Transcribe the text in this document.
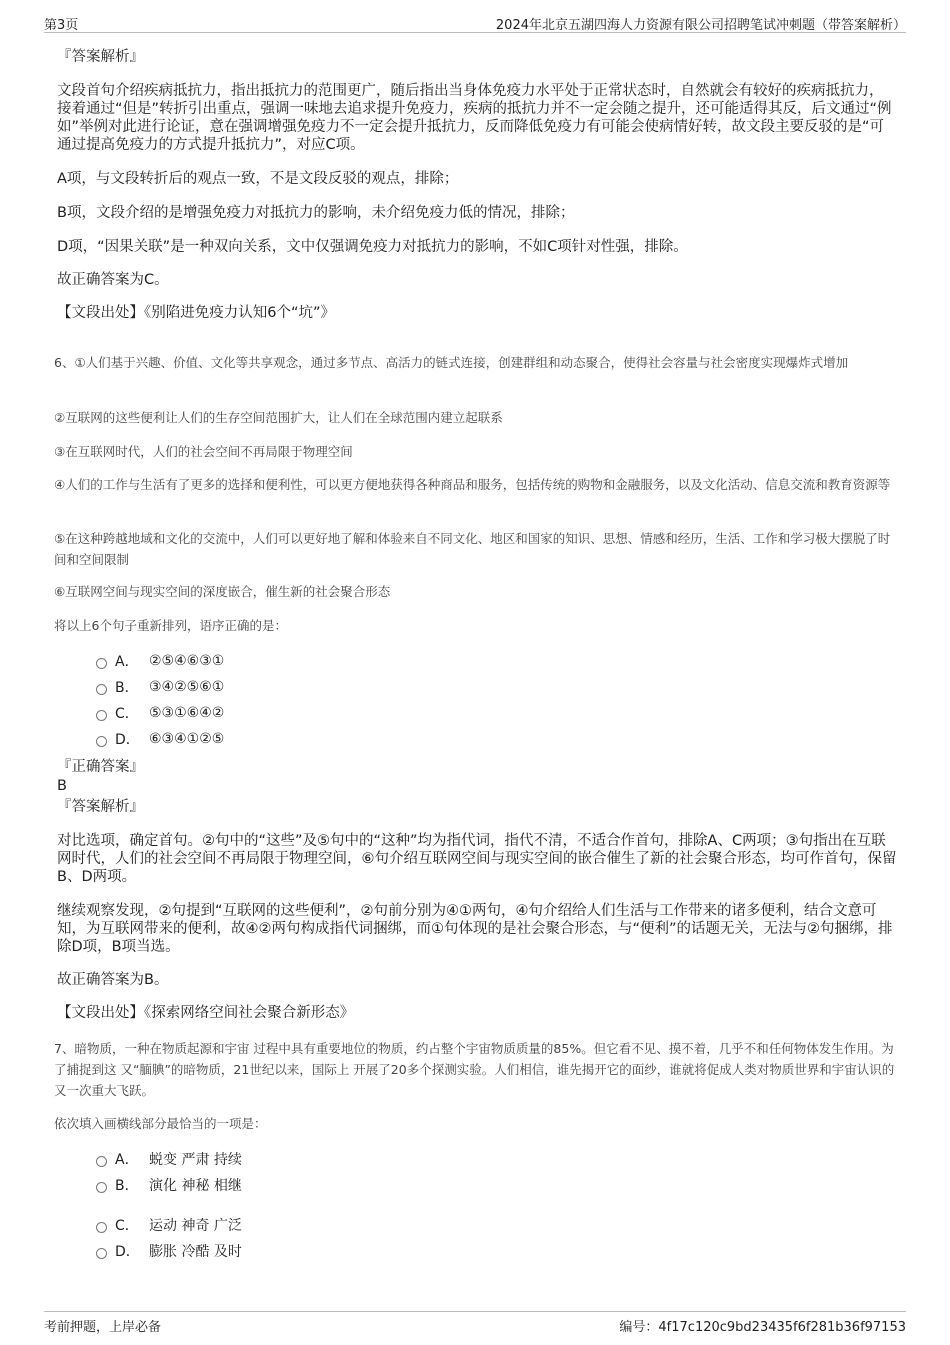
第3页	2024年北京五湖四海人力资源有限公司招聘笔试冲刺题（带答案解析）
『答案解析』
文段首句介绍疾病抵抗力，指出抵抗力的范围更广，随后指出当身体免疫力水平处于正常状态时，自然就会有较好的疾病抵抗力，接着通过“但是”转折引出重点，强调一味地去追求提升免疫力，疾病的抵抗力并不一定会随之提升，还可能适得其反，后文通过“例如”举例对此进行论证，意在强调增强免疫力不一定会提升抵抗力，反而降低免疫力有可能会使病情好转，故文段主要反驳的是“可通过提高免疫力的方式提升抵抗力”，对应C项。
A项，与文段转折后的观点一致，不是文段反驳的观点，排除；
B项，文段介绍的是增强免疫力对抵抗力的影响，未介绍免疫力低的情况，排除；
D项，“因果关联”是一种双向关系，文中仅强调免疫力对抵抗力的影响，不如C项针对性强，排除。
故正确答案为C。
【文段出处】《别陷进免疫力认知6个“坑”》
6、①人们基于兴趣、价值、文化等共享观念，通过多节点、高活力的链式连接，创建群组和动态聚合，使得社会容量与社会密度实现爆炸式增加
②互联网的这些便利让人们的生存空间范围扩大，让人们在全球范围内建立起联系
③在互联网时代，人们的社会空间不再局限于物理空间
④人们的工作与生活有了更多的选择和便利性，可以更方便地获得各种商品和服务，包括传统的购物和金融服务，以及文化活动、信息交流和教育资源等
⑤在这种跨越地域和文化的交流中，人们可以更好地了解和体验来自不同文化、地区和国家的知识、思想、情感和经历，生活、工作和学习极大摆脱了时间和空间限制
⑥互联网空间与现实空间的深度嵌合，催生新的社会聚合形态
将以上6个句子重新排列，语序正确的是：
A． ②⑤④⑥③①
B． ③④②⑤⑥①
C． ⑤③①⑥④②
D． ⑥③④①②⑤
『正确答案』
B
『答案解析』
对比选项，确定首句。②句中的“这些”及⑤句中的“这种”均为指代词，指代不清，不适合作首句，排除A、C两项；③句指出在互联网时代，人们的社会空间不再局限于物理空间，⑥句介绍互联网空间与现实空间的嵌合催生了新的社会聚合形态，均可作首句，保留B、D两项。
继续观察发现，②句提到“互联网的这些便利”，②句前分别为④①两句，④句介绍给人们生活与工作带来的诸多便利，结合文意可知，为互联网带来的便利，故④②两句构成指代词捆绑，而①句体现的是社会聚合形态，与“便利”的话题无关，无法与②句捆绑，排除D项，B项当选。
故正确答案为B。
【文段出处】《探索网络空间社会聚合新形态》
7、暗物质，一种在物质起源和宇宙 过程中具有重要地位的物质，约占整个宇宙物质质量的85%。但它看不见、摸不着，几乎不和任何物体发生作用。为了捕捉到这 又“腼腆”的暗物质，21世纪以来，国际上 开展了20多个探测实验。人们相信，谁先揭开它的面纱，谁就将促成人类对物质世界和宇宙认识的又一次重大飞跃。
依次填入画横线部分最恰当的一项是：
A． 蜕变 严肃 持续
B． 演化 神秘 相继
C． 运动 神奇 广泛
D． 膨胀 冷酷 及时
考前押题，上岸必备	编号：4f17c120c9bd23435f6f281b36f97153
